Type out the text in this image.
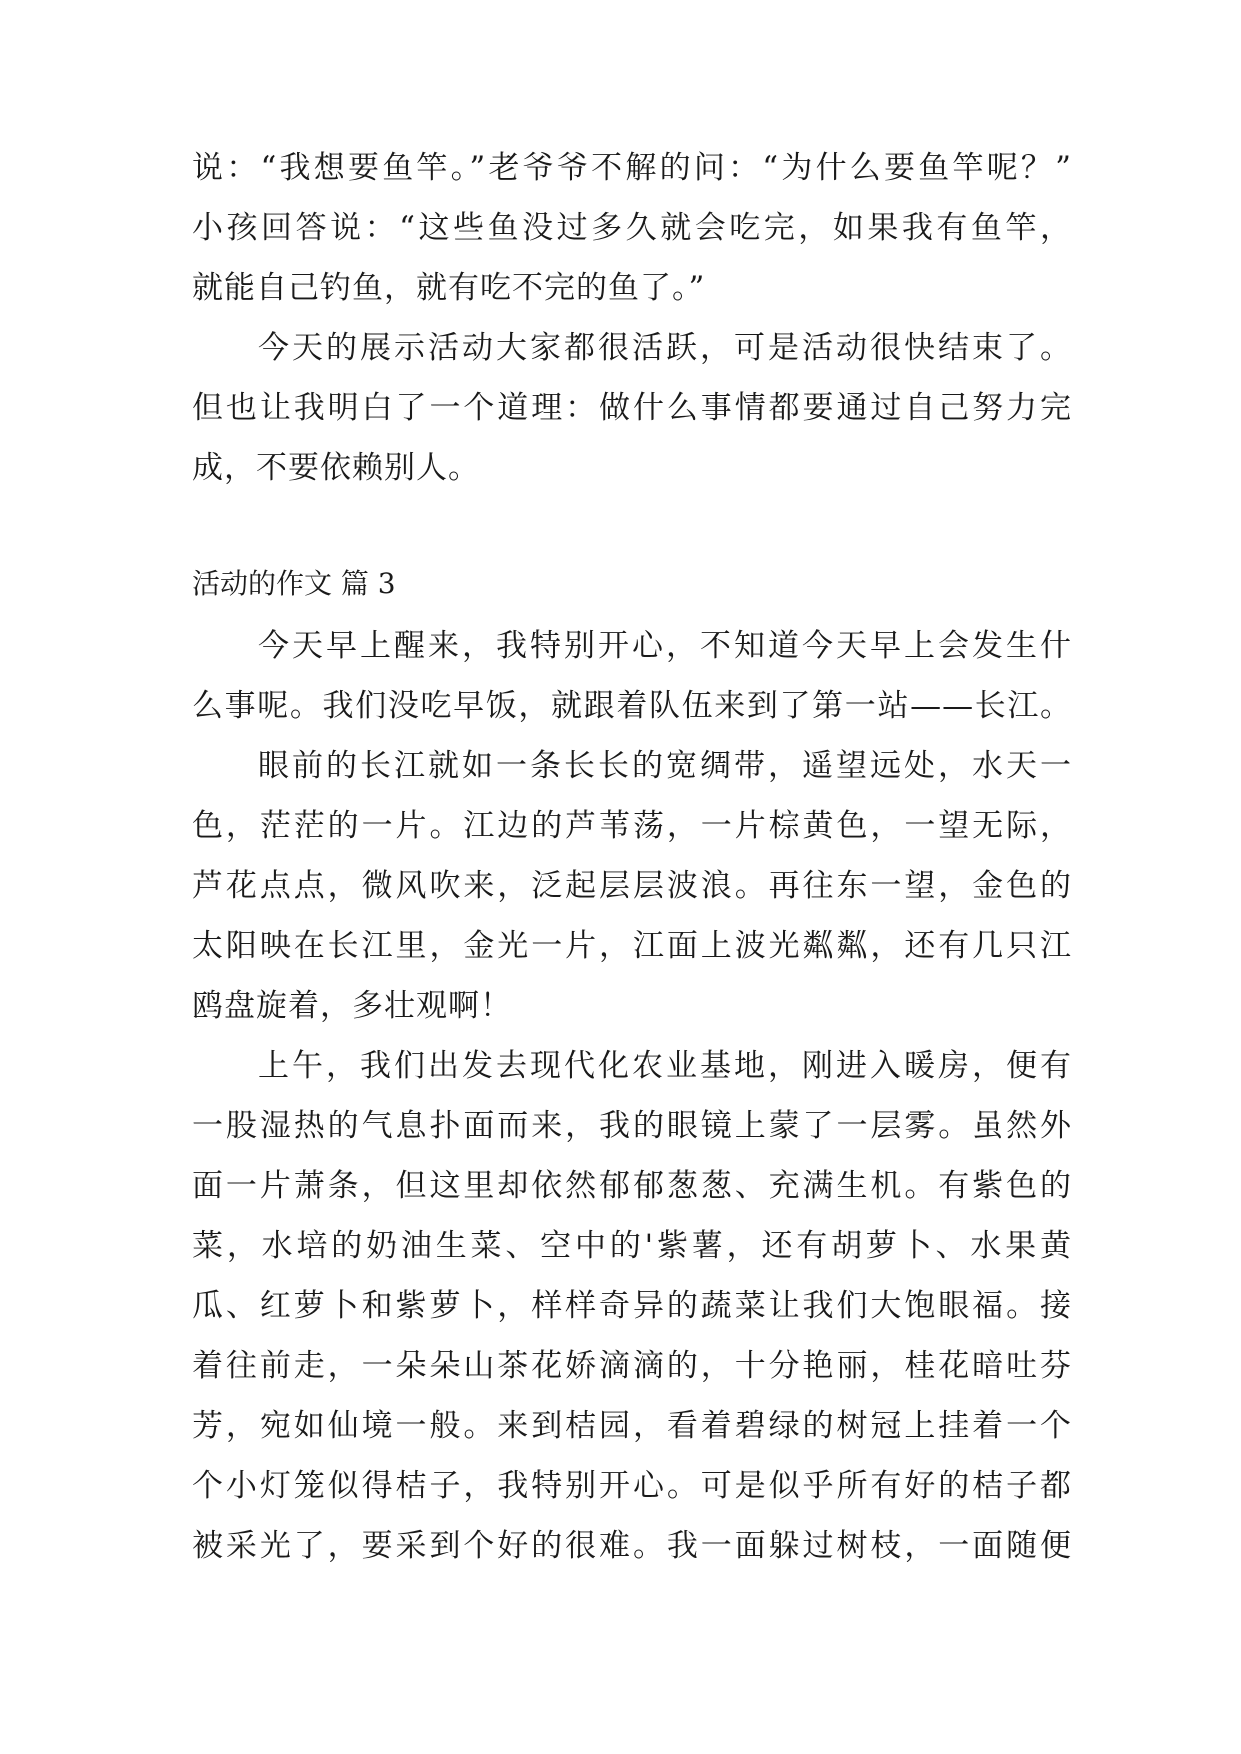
说：“我想要鱼竿。”老爷爷不解的问：“为什么要鱼竿呢？”
小孩回答说：“这些鱼没过多久就会吃完，如果我有鱼竿，
就能自己钓鱼，就有吃不完的鱼了。”
今天的展示活动大家都很活跃，可是活动很快结束了。
但也让我明白了一个道理：做什么事情都要通过自己努力完
成，不要依赖别人。
活动的作文 篇 3
今天早上醒来，我特别开心，不知道今天早上会发生什
么事呢。我们没吃早饭，就跟着队伍来到了第一站——长江。
眼前的长江就如一条长长的宽绸带，遥望远处，水天一
色，茫茫的一片。江边的芦苇荡，一片棕黄色，一望无际，
芦花点点，微风吹来，泛起层层波浪。再往东一望，金色的
太阳映在长江里，金光一片，江面上波光粼粼，还有几只江
鸥盘旋着，多壮观啊！
上午，我们出发去现代化农业基地，刚进入暖房，便有
一股湿热的气息扑面而来，我的眼镜上蒙了一层雾。虽然外
面一片萧条，但这里却依然郁郁葱葱、充满生机。有紫色的
菜，水培的奶油生菜、空中的'紫薯，还有胡萝卜、水果黄
瓜、红萝卜和紫萝卜，样样奇异的蔬菜让我们大饱眼福。接
着往前走，一朵朵山茶花娇滴滴的，十分艳丽，桂花暗吐芬
芳，宛如仙境一般。来到桔园，看着碧绿的树冠上挂着一个
个小灯笼似得桔子，我特别开心。可是似乎所有好的桔子都
被采光了，要采到个好的很难。我一面躲过树枝，一面随便
